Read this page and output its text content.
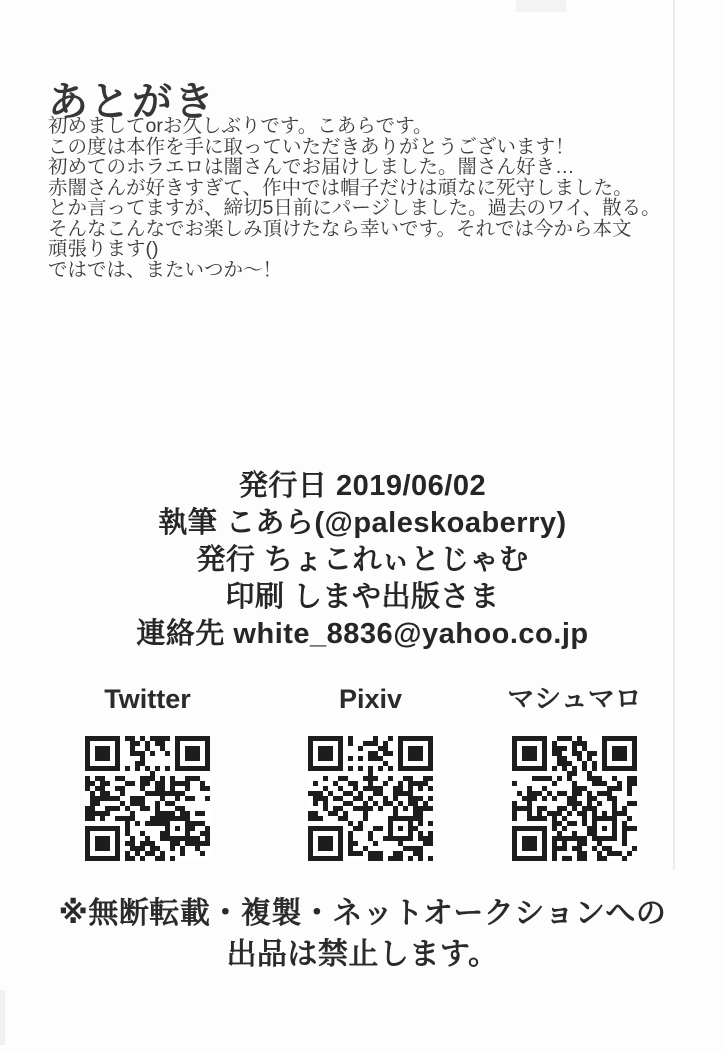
あとがき
初めましてorお久しぶりです。こあらです。
この度は本作を手に取っていただきありがとうございます！
初めてのホラエロは闇さんでお届けしました。闇さん好き…
赤闇さんが好きすぎて、作中では帽子だけは頑なに死守しました。
とか言ってますが、締切5日前にパージしました。過去のワイ、散る。
そんなこんなでお楽しみ頂けたなら幸いです。それでは今から本文
頑張ります()
ではでは、またいつか～！
発行日 2019/06/02
執筆 こあら(@paleskoaberry)
発行 ちょこれぃとじゃむ
印刷 しまや出版さま
連絡先 white_8836@yahoo.co.jp
Twitter	Pixiv	マシュマロ
※無断転載・複製・ネットオークションへの
出品は禁止します。
